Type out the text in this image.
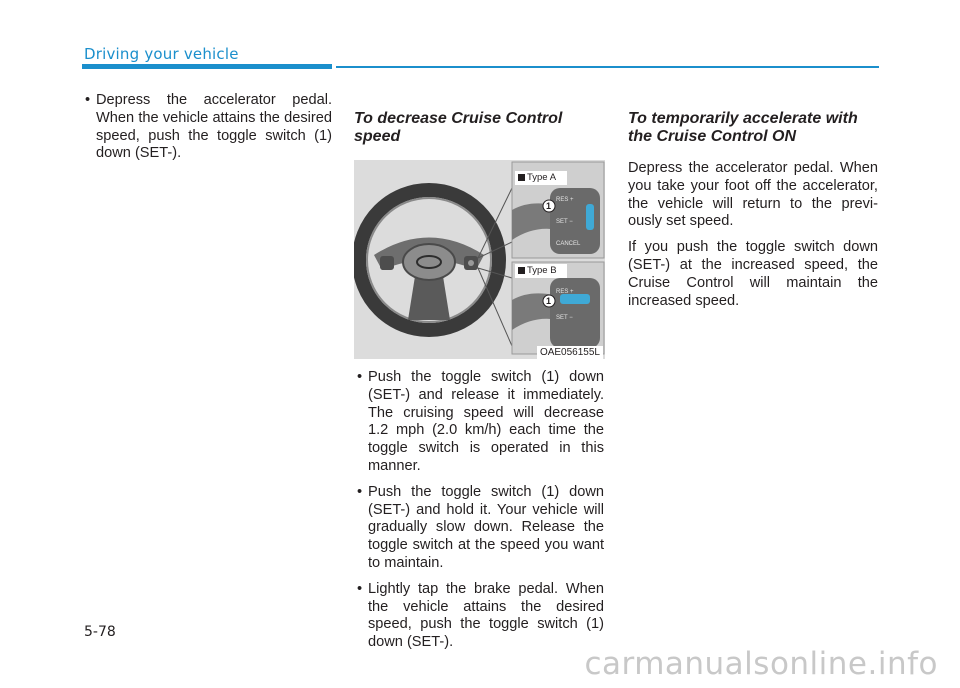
Driving your vehicle
• Depress the accelerator pedal. When the vehicle attains the desired speed, push the toggle switch (1) down (SET-).
To decrease Cruise Control speed
Type A
1
RES +
SET −
CANCEL
Type B
1
RES +
SET −
OAE056155L
• Push the toggle switch (1) down (SET-) and release it immediately. The cruising speed will decrease 1.2 mph (2.0 km/h) each time the toggle switch is operated in this manner.
• Push the toggle switch (1) down (SET-) and hold it. Your vehicle will gradually slow down. Release the toggle switch at the speed you want to maintain.
• Lightly tap the brake pedal. When the vehicle attains the desired speed, push the toggle switch (1) down (SET-).
To temporarily accelerate with the Cruise Control ON
Depress the accelerator pedal. When you take your foot off the accelerator, the vehicle will return to the previ- ously set speed.
If you push the toggle switch down (SET-) at the increased speed, the Cruise Control will maintain the increased speed.
5-78
carmanualsonline.info
